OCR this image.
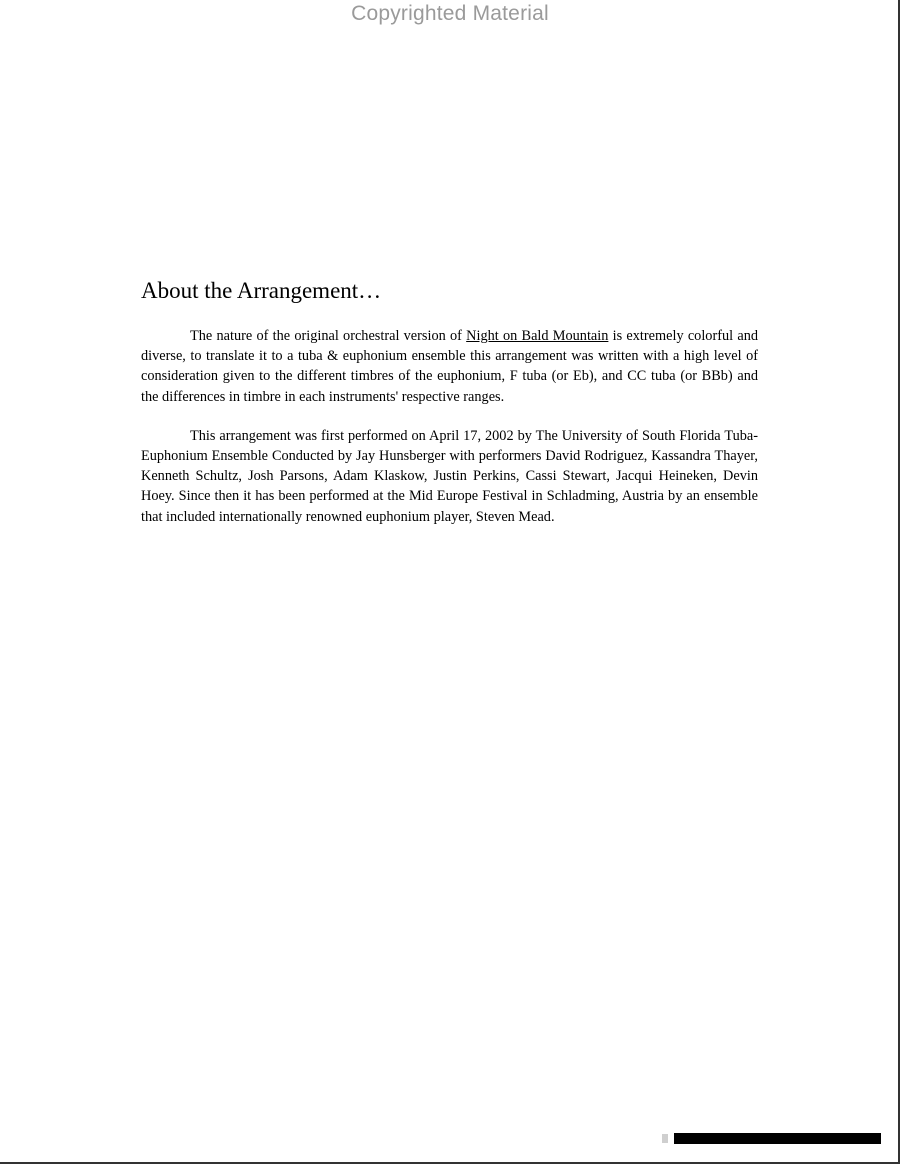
Copyrighted Material
About the Arrangement…

The nature of the original orchestral version of Night on Bald Mountain is extremely colorful and diverse, to translate it to a tuba & euphonium ensemble this arrangement was written with a high level of consideration given to the different timbres of the euphonium, F tuba (or Eb), and CC tuba (or BBb) and the differences in timbre in each instruments' respective ranges.

This arrangement was first performed on April 17, 2002 by The University of South Florida Tuba-Euphonium Ensemble Conducted by Jay Hunsberger with performers David Rodriguez, Kassandra Thayer, Kenneth Schultz, Josh Parsons, Adam Klaskow, Justin Perkins, Cassi Stewart, Jacqui Heineken, Devin Hoey. Since then it has been performed at the Mid Europe Festival in Schladming, Austria by an ensemble that included internationally renowned euphonium player, Steven Mead.
